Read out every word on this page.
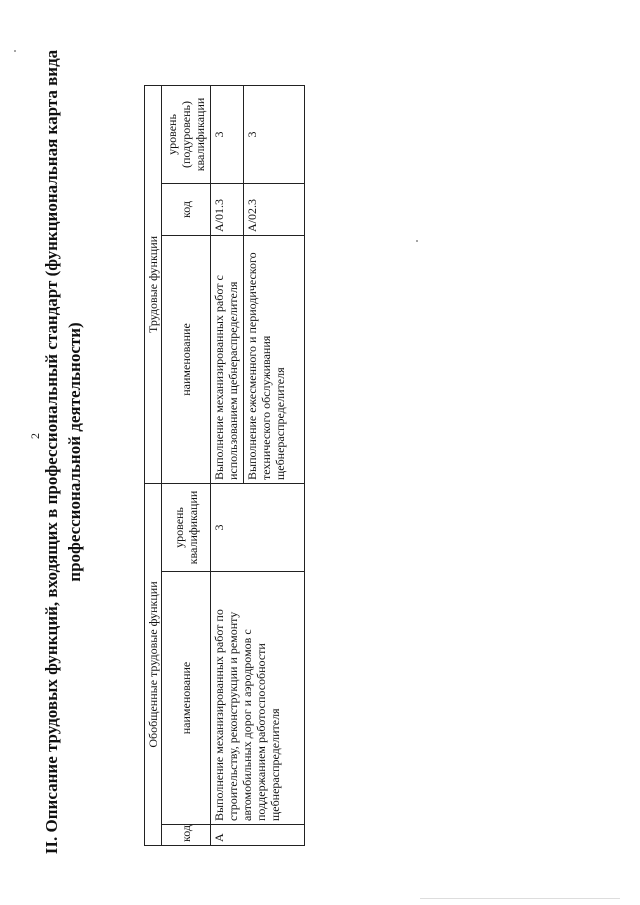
2 II. Описание трудовых функций, входящих в профессиональный стандарт (функциональная карта вида профессиональной деятельности)
Обобщенные трудовые функции			Трудовые функции		
код	наименование	уровень квалификации	наименование	код	уровень (подуровень) квалификации
А	Выполнение механизированных работ по строительству, реконструкции и ремонту автомобильных дорог и аэродромов с поддержанием работоспособности щебнераспределителя	3	Выполнение механизированных работ с использованием щебнераспределителя	А/01.3	3
			Выполнение ежесменного и периодического технического обслуживания щебнераспределителя	А/02.3	3
